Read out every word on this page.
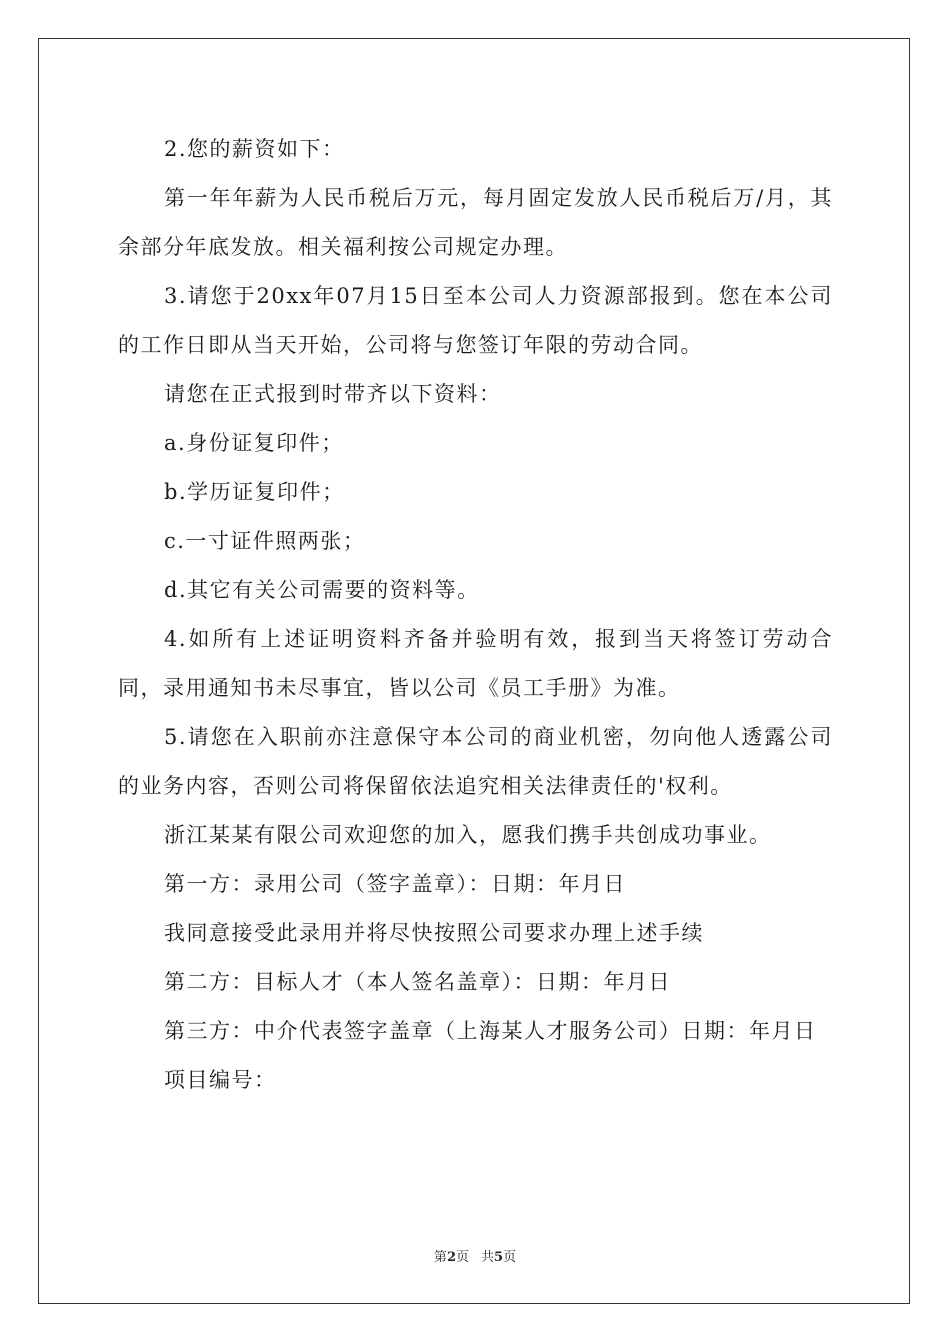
2.您的薪资如下：

第一年年薪为人民币税后万元，每月固定发放人民币税后万/月，其余部分年底发放。相关福利按公司规定办理。

3.请您于20xx年07月15日至本公司人力资源部报到。您在本公司的工作日即从当天开始，公司将与您签订年限的劳动合同。

请您在正式报到时带齐以下资料：

a.身份证复印件；

b.学历证复印件；

c.一寸证件照两张；

d.其它有关公司需要的资料等。

4.如所有上述证明资料齐备并验明有效，报到当天将签订劳动合同，录用通知书未尽事宜，皆以公司《员工手册》为准。

5.请您在入职前亦注意保守本公司的商业机密，勿向他人透露公司的业务内容，否则公司将保留依法追究相关法律责任的'权利。

浙江某某有限公司欢迎您的加入，愿我们携手共创成功事业。

第一方：录用公司（签字盖章）：日期：年月日

我同意接受此录用并将尽快按照公司要求办理上述手续

第二方：目标人才（本人签名盖章）：日期：年月日

第三方：中介代表签字盖章（上海某人才服务公司）日期：年月日

项目编号：

第2页 共5页
